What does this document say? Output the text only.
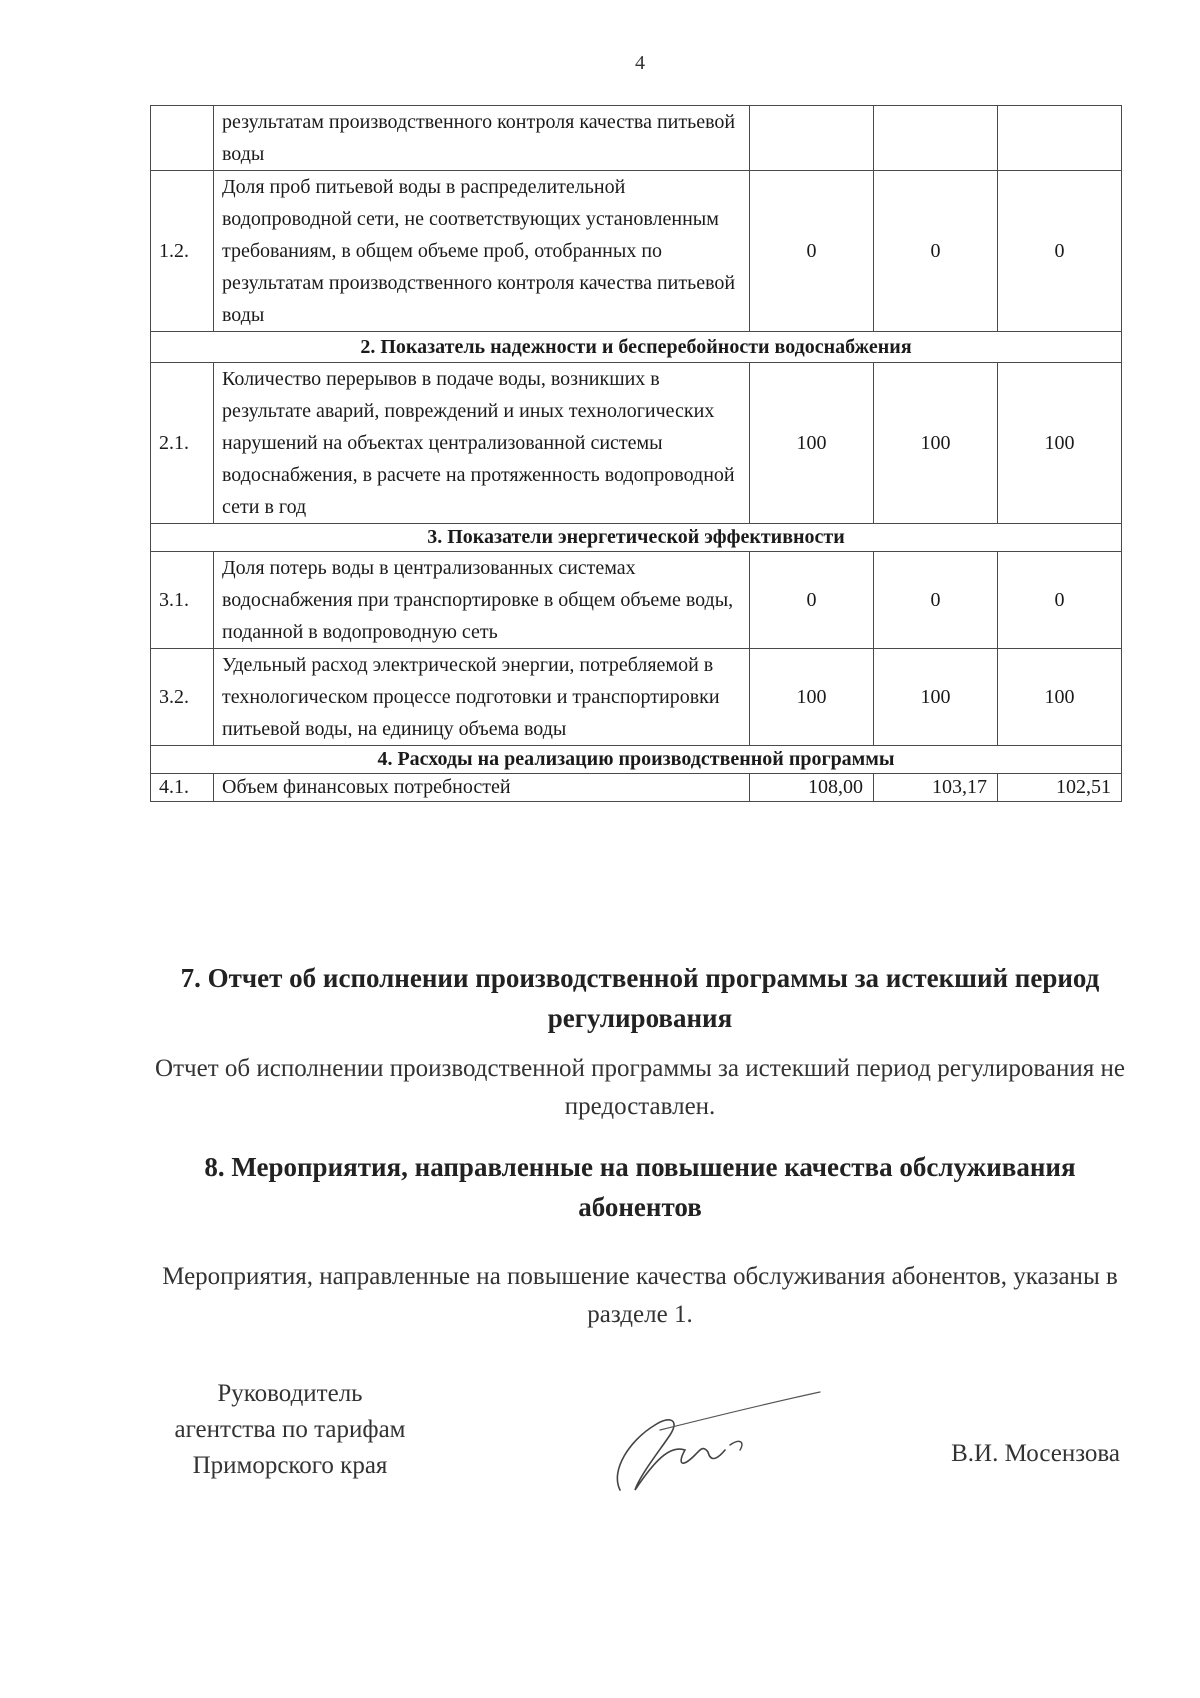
4
	результатам производственного контроля качества питьевой воды			
1.2.	Доля проб питьевой воды в распределительной водопроводной сети, не соответствующих установленным требованиям, в общем объеме проб, отобранных по результатам производственного контроля качества питьевой воды	0	0	0
2. Показатель надежности и бесперебойности водоснабжения				
2.1.	Количество перерывов в подаче воды, возникших в результате аварий, повреждений и иных технологических нарушений на объектах централизованной системы водоснабжения, в расчете на протяженность водопроводной сети в год	100	100	100
3. Показатели энергетической эффективности				
3.1.	Доля потерь воды в централизованных системах водоснабжения при транспортировке в общем объеме воды, поданной в водопроводную сеть	0	0	0
3.2.	Удельный расход электрической энергии, потребляемой в технологическом процессе подготовки и транспортировки питьевой воды, на единицу объема воды	100	100	100
4. Расходы на реализацию производственной программы				
4.1.	Объем финансовых потребностей	108,00	103,17	102,51
7. Отчет об исполнении производственной программы за истекший период регулирования
Отчет об исполнении производственной программы за истекший период регулирования не предоставлен.
8. Мероприятия, направленные на повышение качества обслуживания абонентов
Мероприятия, направленные на повышение качества обслуживания абонентов, указаны в разделе 1.
Руководитель
агентства по тарифам
Приморского края	В.И. Мосензова
